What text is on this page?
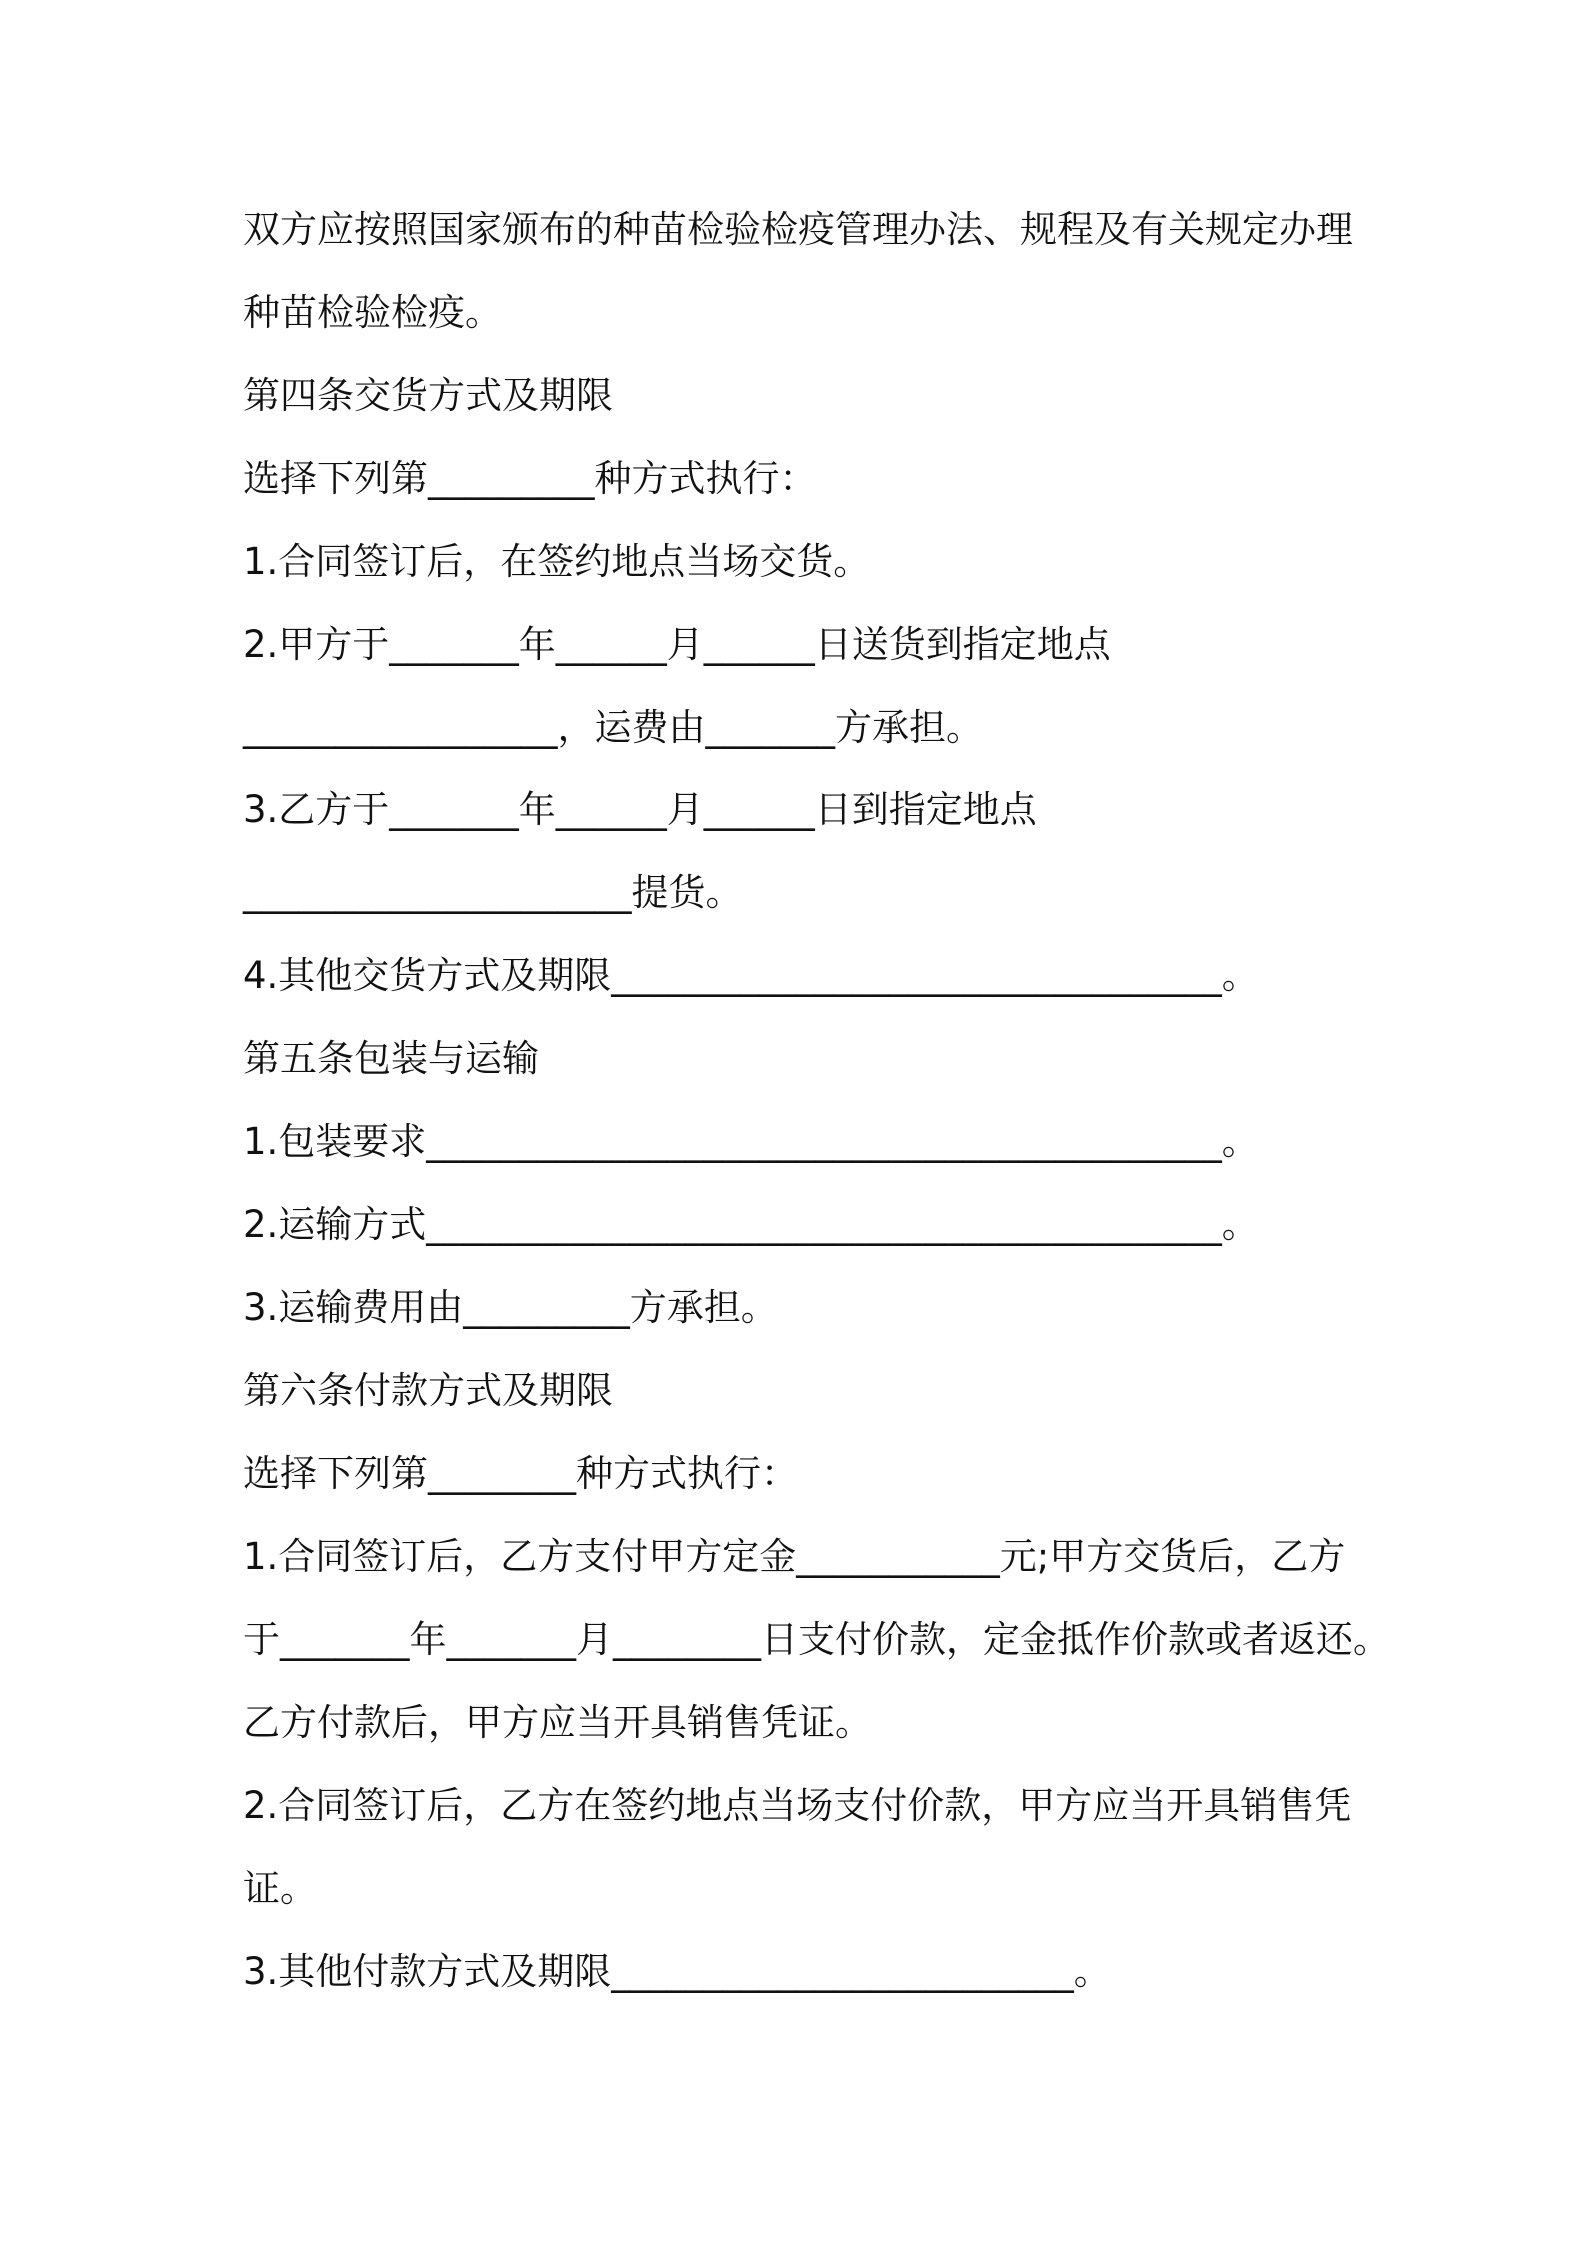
双方应按照国家颁布的种苗检验检疫管理办法、规程及有关规定办理
种苗检验检疫。
第四条交货方式及期限
选择下列第_________种方式执行：
1.合同签订后，在签约地点当场交货。
2.甲方于_______年______月______日送货到指定地点
_________________，运费由_______方承担。
3.乙方于_______年______月______日到指定地点
_____________________提货。
4.其他交货方式及期限_________________________________。
第五条包装与运输
1.包装要求___________________________________________。
2.运输方式___________________________________________。
3.运输费用由_________方承担。
第六条付款方式及期限
选择下列第________种方式执行：
1.合同签订后，乙方支付甲方定金___________元;甲方交货后，乙方
于_______年_______月________日支付价款，定金抵作价款或者返还。
乙方付款后，甲方应当开具销售凭证。
2.合同签订后，乙方在签约地点当场支付价款，甲方应当开具销售凭
证。
3.其他付款方式及期限_________________________。
